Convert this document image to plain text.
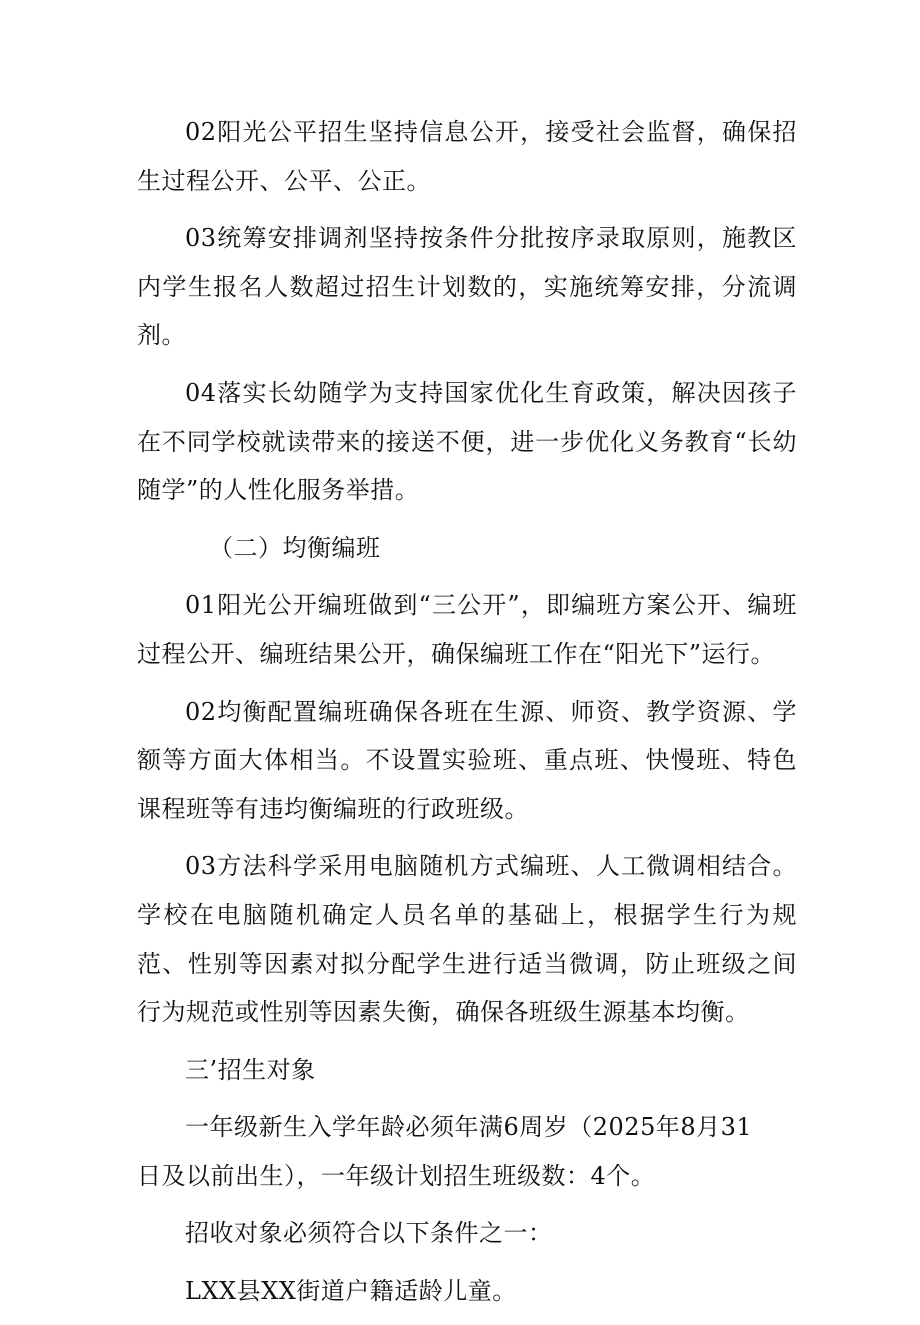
02阳光公平招生坚持信息公开，接受社会监督，确保招生过程公开、公平、公正。

03统筹安排调剂坚持按条件分批按序录取原则，施教区内学生报名人数超过招生计划数的，实施统筹安排，分流调剂。

04落实长幼随学为支持国家优化生育政策，解决因孩子在不同学校就读带来的接送不便，进一步优化义务教育“长幼随学”的人性化服务举措。

（二）均衡编班

01阳光公开编班做到“三公开”，即编班方案公开、编班过程公开、编班结果公开，确保编班工作在“阳光下”运行。

02均衡配置编班确保各班在生源、师资、教学资源、学额等方面大体相当。不设置实验班、重点班、快慢班、特色课程班等有违均衡编班的行政班级。

03方法科学采用电脑随机方式编班、人工微调相结合。学校在电脑随机确定人员名单的基础上，根据学生行为规范、性别等因素对拟分配学生进行适当微调，防止班级之间行为规范或性别等因素失衡，确保各班级生源基本均衡。

三’招生对象

一年级新生入学年龄必须年满6周岁（2025年8月31
日及以前出生），一年级计划招生班级数：4个。

招收对象必须符合以下条件之一：

LXX县XX街道户籍适龄儿童。
